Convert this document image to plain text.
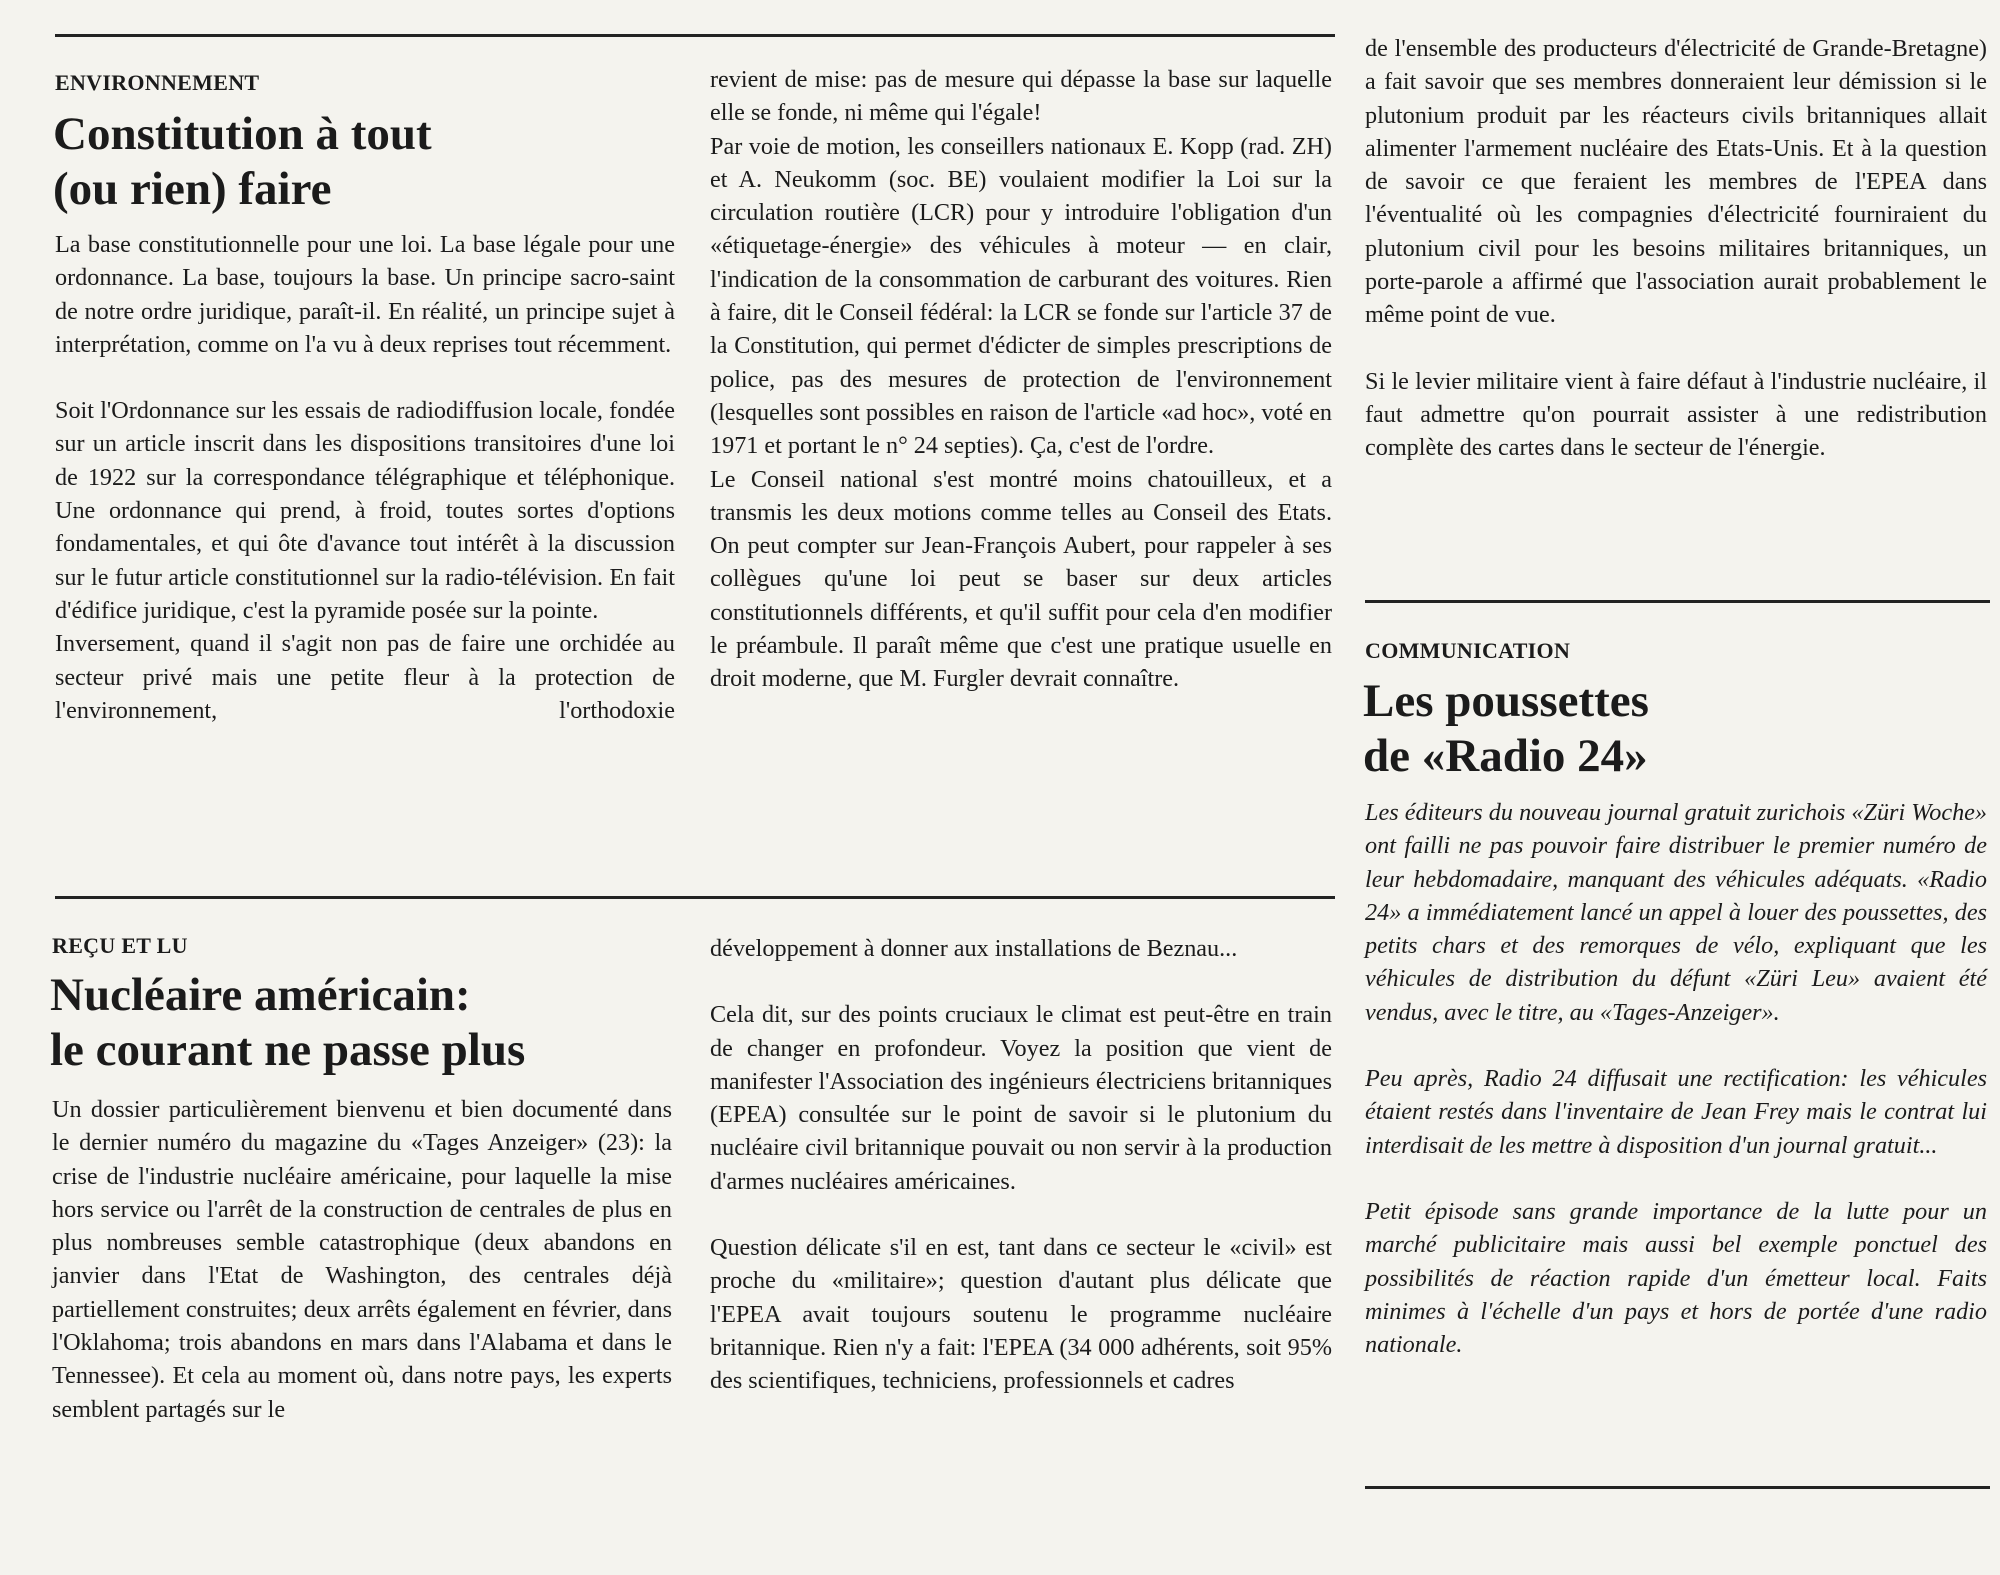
ENVIRONNEMENT
Constitution à tout
(ou rien) faire

La base constitutionnelle pour une loi. La base légale pour une ordonnance. La base, toujours la base. Un principe sacro-saint de notre ordre juridique, paraît-il. En réalité, un principe sujet à interprétation, comme on l'a vu à deux reprises tout récemment.

Soit l'Ordonnance sur les essais de radiodiffusion locale, fondée sur un article inscrit dans les dispositions transitoires d'une loi de 1922 sur la correspondance télégraphique et téléphonique. Une ordonnance qui prend, à froid, toutes sortes d'options fondamentales, et qui ôte d'avance tout intérêt à la discussion sur le futur article constitutionnel sur la radio-télévision. En fait d'édifice juridique, c'est la pyramide posée sur la pointe.

Inversement, quand il s'agit non pas de faire une orchidée au secteur privé mais une petite fleur à la protection de l'environnement, l'orthodoxie

revient de mise: pas de mesure qui dépasse la base sur laquelle elle se fonde, ni même qui l'égale!

Par voie de motion, les conseillers nationaux E. Kopp (rad. ZH) et A. Neukomm (soc. BE) voulaient modifier la Loi sur la circulation routière (LCR) pour y introduire l'obligation d'un «étiquetage-énergie» des véhicules à moteur — en clair, l'indication de la consommation de carburant des voitures. Rien à faire, dit le Conseil fédéral: la LCR se fonde sur l'article 37 de la Constitution, qui permet d'édicter de simples prescriptions de police, pas des mesures de protection de l'environnement (lesquelles sont possibles en raison de l'article «ad hoc», voté en 1971 et portant le n° 24 septies). Ça, c'est de l'ordre.

Le Conseil national s'est montré moins chatouilleux, et a transmis les deux motions comme telles au Conseil des Etats. On peut compter sur Jean-François Aubert, pour rappeler à ses collègues qu'une loi peut se baser sur deux articles constitutionnels différents, et qu'il suffit pour cela d'en modifier le préambule. Il paraît même que c'est une pratique usuelle en droit moderne, que M. Furgler devrait connaître.

REÇU ET LU
Nucléaire américain:
le courant ne passe plus

Un dossier particulièrement bienvenu et bien documenté dans le dernier numéro du magazine du «Tages Anzeiger» (23): la crise de l'industrie nucléaire américaine, pour laquelle la mise hors service ou l'arrêt de la construction de centrales de plus en plus nombreuses semble catastrophique (deux abandons en janvier dans l'Etat de Washington, des centrales déjà partiellement construites; deux arrêts également en février, dans l'Oklahoma; trois abandons en mars dans l'Alabama et dans le Tennessee). Et cela au moment où, dans notre pays, les experts semblent partagés sur le

développement à donner aux installations de Beznau...

Cela dit, sur des points cruciaux le climat est peut-être en train de changer en profondeur. Voyez la position que vient de manifester l'Association des ingénieurs électriciens britanniques (EPEA) consultée sur le point de savoir si le plutonium du nucléaire civil britannique pouvait ou non servir à la production d'armes nucléaires américaines.

Question délicate s'il en est, tant dans ce secteur le «civil» est proche du «militaire»; question d'autant plus délicate que l'EPEA avait toujours soutenu le programme nucléaire britannique. Rien n'y a fait: l'EPEA (34 000 adhérents, soit 95% des scientifiques, techniciens, professionnels et cadres

de l'ensemble des producteurs d'électricité de Grande-Bretagne) a fait savoir que ses membres donneraient leur démission si le plutonium produit par les réacteurs civils britanniques allait alimenter l'armement nucléaire des Etats-Unis. Et à la question de savoir ce que feraient les membres de l'EPEA dans l'éventualité où les compagnies d'électricité fourniraient du plutonium civil pour les besoins militaires britanniques, un porte-parole a affirmé que l'association aurait probablement le même point de vue.

Si le levier militaire vient à faire défaut à l'industrie nucléaire, il faut admettre qu'on pourrait assister à une redistribution complète des cartes dans le secteur de l'énergie.

COMMUNICATION
Les poussettes
de «Radio 24»

Les éditeurs du nouveau journal gratuit zurichois «Züri Woche» ont failli ne pas pouvoir faire distribuer le premier numéro de leur hebdomadaire, manquant des véhicules adéquats. «Radio 24» a immédiatement lancé un appel à louer des poussettes, des petits chars et des remorques de vélo, expliquant que les véhicules de distribution du défunt «Züri Leu» avaient été vendus, avec le titre, au «Tages-Anzeiger».

Peu après, Radio 24 diffusait une rectification: les véhicules étaient restés dans l'inventaire de Jean Frey mais le contrat lui interdisait de les mettre à disposition d'un journal gratuit...

Petit épisode sans grande importance de la lutte pour un marché publicitaire mais aussi bel exemple ponctuel des possibilités de réaction rapide d'un émetteur local. Faits minimes à l'échelle d'un pays et hors de portée d'une radio nationale.
